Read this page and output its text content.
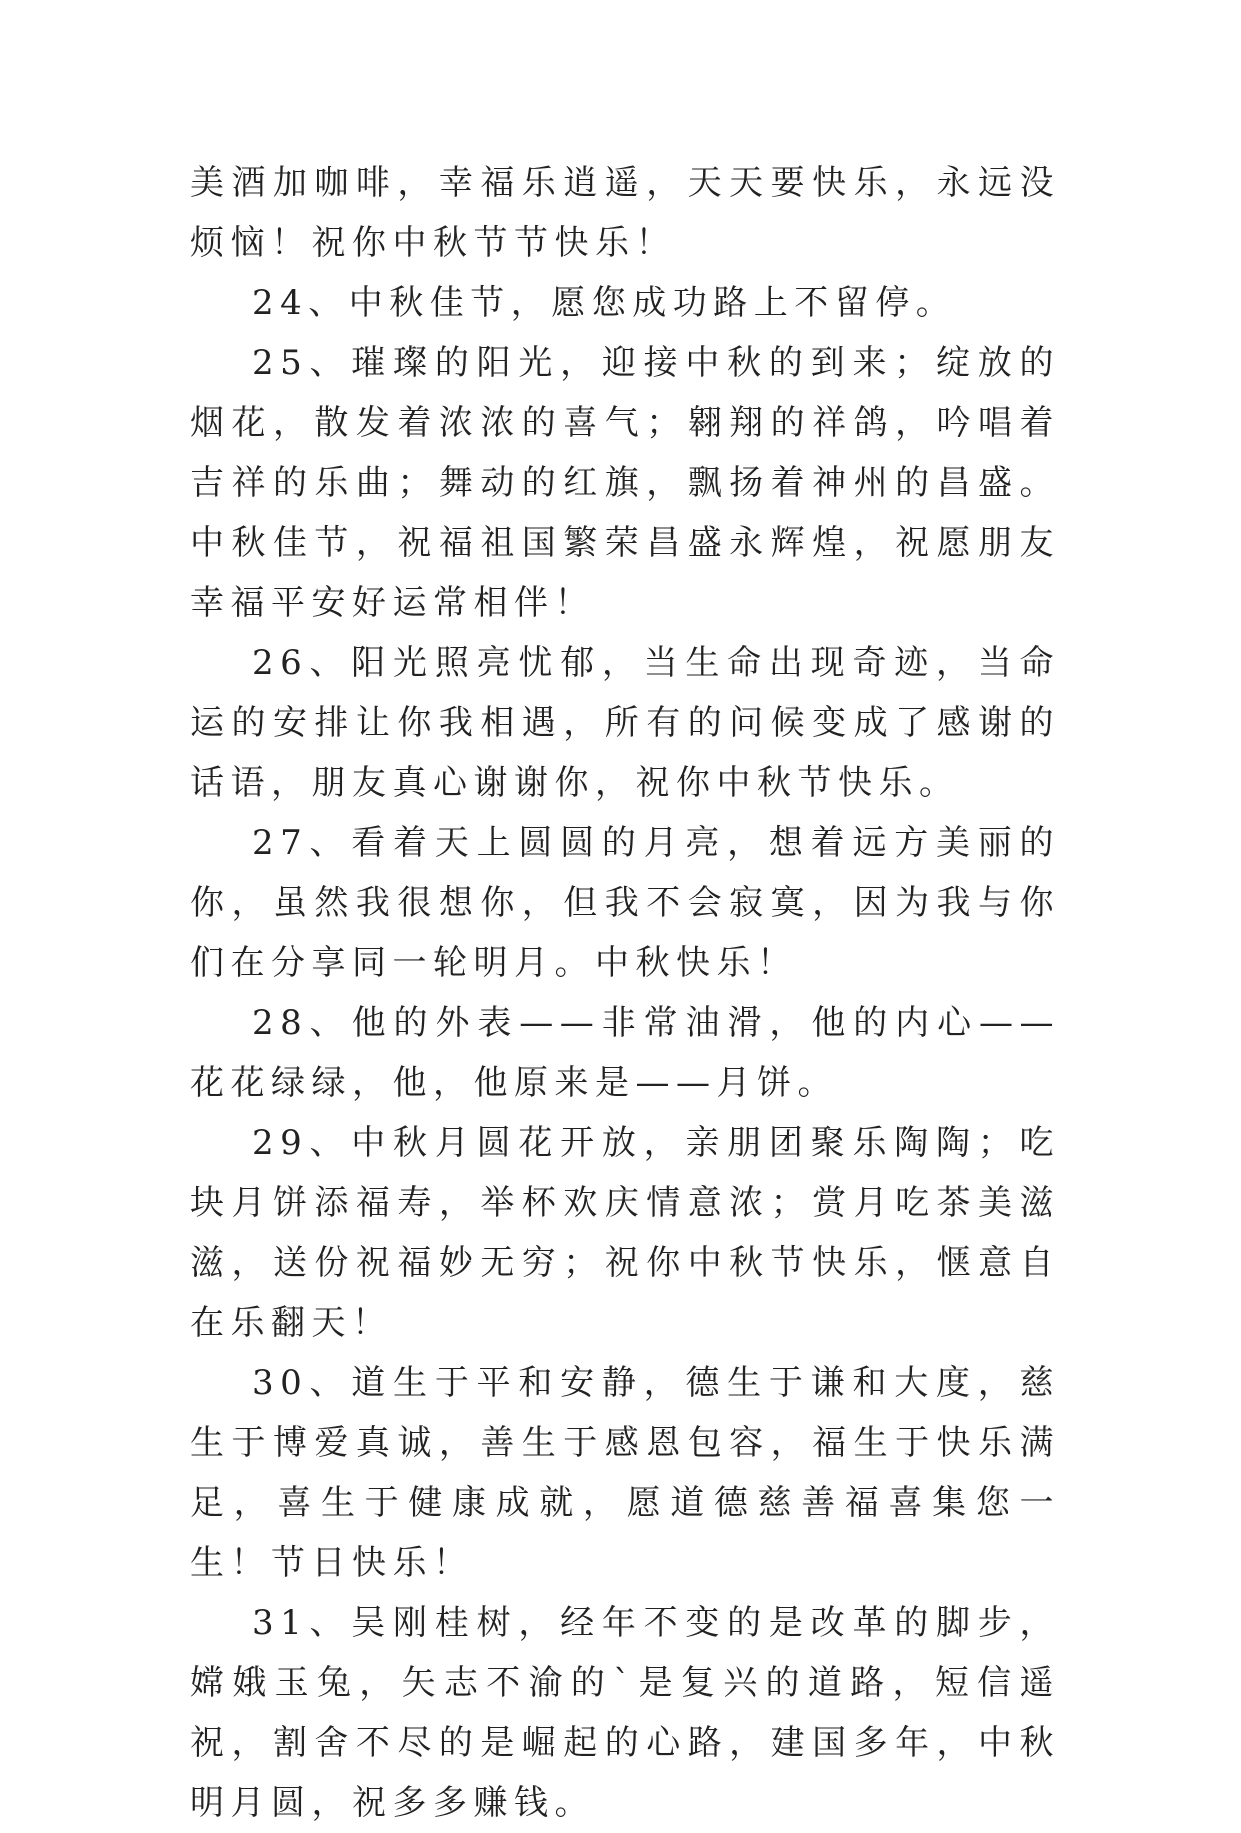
美酒加咖啡，幸福乐逍遥，天天要快乐，永远没烦恼！祝你中秋节节快乐！

24、中秋佳节，愿您成功路上不留停。

25、璀璨的阳光，迎接中秋的到来；绽放的烟花，散发着浓浓的喜气；翱翔的祥鸽，吟唱着吉祥的乐曲；舞动的红旗，飘扬着神州的昌盛。中秋佳节，祝福祖国繁荣昌盛永辉煌，祝愿朋友幸福平安好运常相伴！

26、阳光照亮忧郁，当生命出现奇迹，当命运的安排让你我相遇，所有的问候变成了感谢的话语，朋友真心谢谢你，祝你中秋节快乐。

27、看着天上圆圆的月亮，想着远方美丽的你，虽然我很想你，但我不会寂寞，因为我与你们在分享同一轮明月。中秋快乐！

28、他的外表——非常油滑，他的内心——花花绿绿，他，他原来是——月饼。

29、中秋月圆花开放，亲朋团聚乐陶陶；吃块月饼添福寿，举杯欢庆情意浓；赏月吃茶美滋滋，送份祝福妙无穷；祝你中秋节快乐，惬意自在乐翻天！

30、道生于平和安静，德生于谦和大度，慈生于博爱真诚，善生于感恩包容，福生于快乐满足，喜生于健康成就，愿道德慈善福喜集您一生！节日快乐！

31、吴刚桂树，经年不变的是改革的脚步，嫦娥玉兔，矢志不渝的`是复兴的道路，短信遥祝，割舍不尽的是崛起的心路，建国多年，中秋明月圆，祝多多赚钱。
